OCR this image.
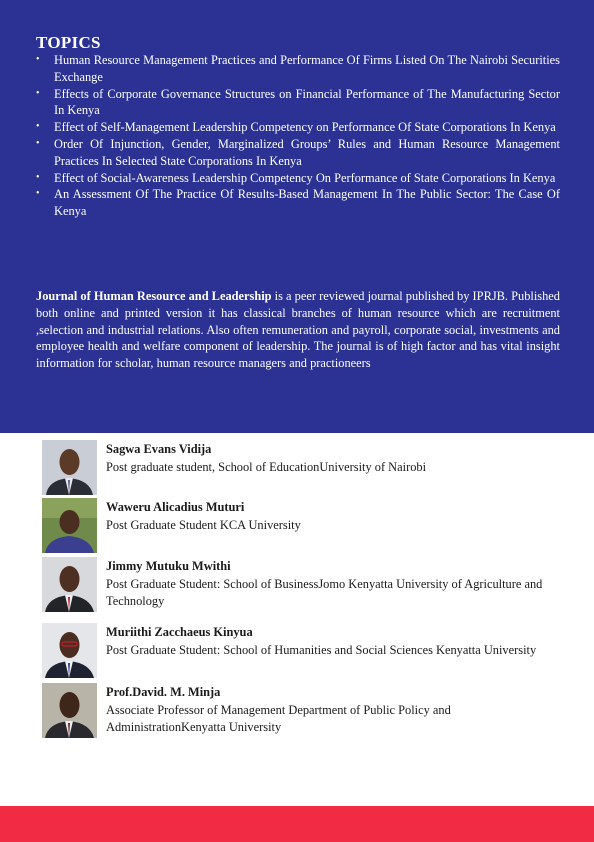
TOPICS
• Human Resource Management Practices and Performance Of Firms Listed On The Nairobi Securities Exchange
• Effects of Corporate Governance Structures on Financial Performance of The Manufacturing Sector In Kenya
• Effect of Self-Management Leadership Competency on Performance Of State Corporations In Kenya
• Order Of Injunction, Gender, Marginalized Groups’ Rules and Human Resource Management Practices In Selected State Corporations In Kenya
• Effect of Social-Awareness Leadership Competency On Performance of State Corporations In Kenya
• An Assessment Of The Practice Of Results-Based Management In The Public Sector: The Case Of Kenya

Journal of Human Resource and Leadership is a peer reviewed journal published by IPRJB. Published both online and printed version it has classical branches of human resource which are recruitment ,selection and industrial relations. Also often remuneration and payroll, corporate social, investments and employee health and welfare component of leadership. The journal is of high factor and has vital insight information for scholar, human resource managers and practioneers

Sagwa Evans Vidija
Post graduate student, School of EducationUniversity of Nairobi
Waweru Alicadius Muturi
Post Graduate Student KCA University
Jimmy Mutuku Mwithi
Post Graduate Student: School of BusinessJomo Kenyatta University of Agriculture and Technology
Muriithi Zacchaeus Kinyua
Post Graduate Student: School of Humanities and Social Sciences Kenyatta University
Prof.David. M. Minja
Associate Professor of Management Department of Public Policy and AdministrationKenyatta University
